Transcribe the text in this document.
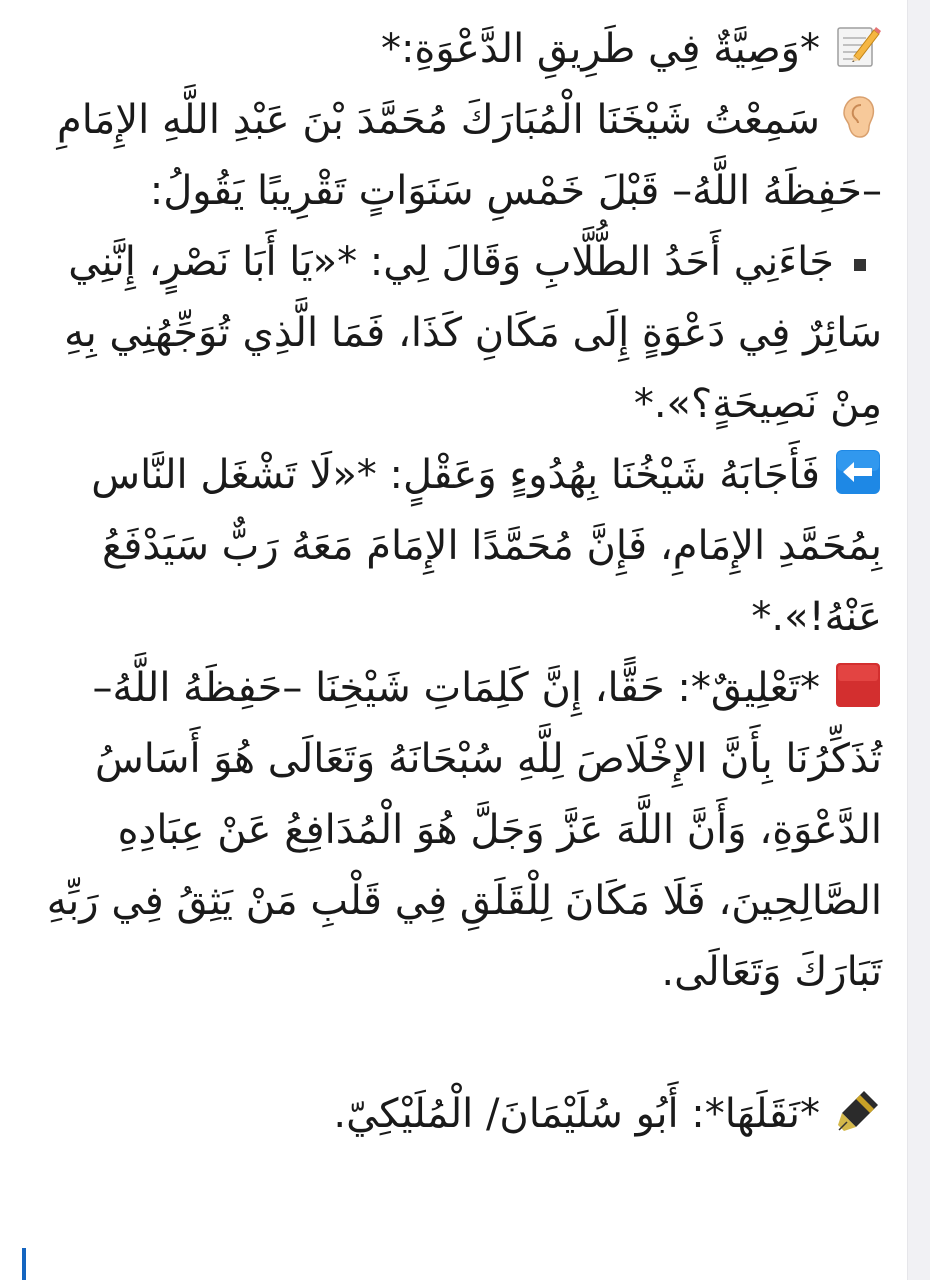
*وَصِيَّةٌ فِي طَرِيقِ الدَّعْوَةِ:*

سَمِعْتُ شَيْخَنَا الْمُبَارَكَ مُحَمَّدَ بْنَ عَبْدِ اللَّهِ الإِمَامِ –حَفِظَهُ اللَّهُ– قَبْلَ خَمْسِ سَنَوَاتٍ تَقْرِيبًا يَقُولُ:

جَاءَنِي أَحَدُ الطُّلَّابِ وَقَالَ لِي: *«يَا أَبَا نَصْرٍ، إِنَّنِي سَائِرٌ فِي دَعْوَةٍ إِلَى مَكَانِ كَذَا، فَمَا الَّذِي تُوَجِّهُنِي بِهِ مِنْ نَصِيحَةٍ؟».*

فَأَجَابَهُ شَيْخُنَا بِهُدُوءٍ وَعَقْلٍ: *«لَا تَشْغَل النَّاس بِمُحَمَّدِ الإِمَامِ، فَإِنَّ مُحَمَّدًا الإِمَامَ مَعَهُ رَبٌّ سَيَدْفَعُ عَنْهُ!».*

*تَعْلِيقٌ*: حَقًّا، إِنَّ كَلِمَاتِ شَيْخِنَا –حَفِظَهُ اللَّهُ– تُذَكِّرُنَا بِأَنَّ الإِخْلَاصَ لِلَّهِ سُبْحَانَهُ وَتَعَالَى هُوَ أَسَاسُ الدَّعْوَةِ، وَأَنَّ اللَّهَ عَزَّ وَجَلَّ هُوَ الْمُدَافِعُ عَنْ عِبَادِهِ الصَّالِحِينَ، فَلَا مَكَانَ لِلْقَلَقِ فِي قَلْبِ مَنْ يَثِقُ فِي رَبِّهِ تَبَارَكَ وَتَعَالَى.

*نَقَلَهَا*: أَبُو سُلَيْمَانَ/ الْمُلَيْكِيّ.
